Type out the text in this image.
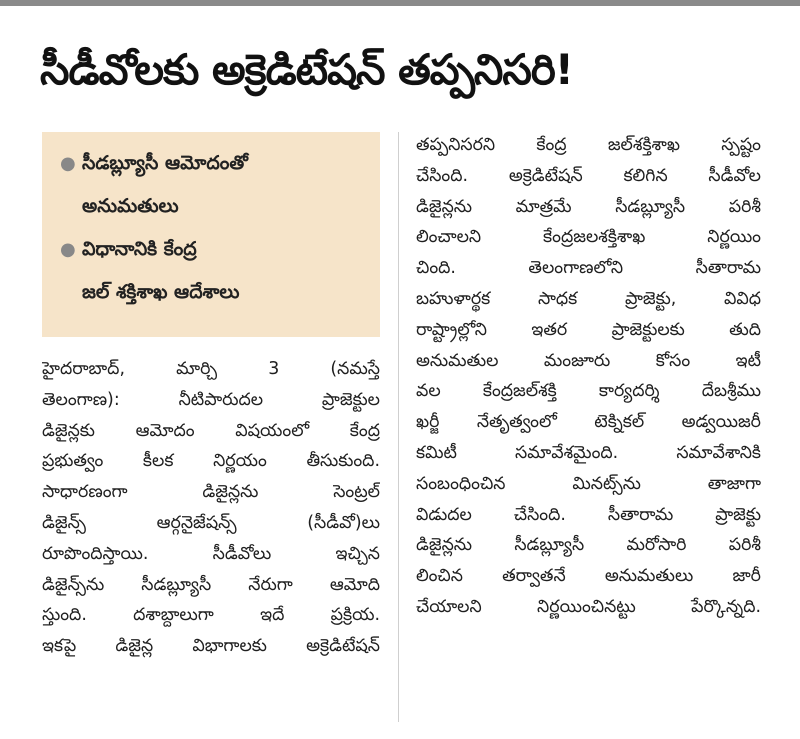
సీడీవోలకు అక్రెడిటేషన్ తప్పనిసరి!
● సీడబ్ల్యూసీ ఆమోదంతో
అనుమతులు
● విధానానికి కేంద్ర
జల్ శక్తిశాఖ ఆదేశాలు
హైదరాబాద్, మార్చి 3 (నమస్తే
తెలంగాణ): నీటిపారుదల ప్రాజెక్టుల
డిజైన్లకు ఆమోదం విషయంలో కేంద్ర
ప్రభుత్వం కీలక నిర్ణయం తీసుకుంది.
సాధారణంగా డిజైన్లను సెంట్రల్
డిజైన్స్ ఆర్గనైజేషన్స్ (సీడీవో)లు
రూపొందిస్తాయి. సీడీవోలు ఇచ్చిన
డిజైన్స్‌ను సీడబ్ల్యూసీ నేరుగా ఆమోది
స్తుంది. దశాబ్దాలుగా ఇదే ప్రక్రియ.
ఇకపై డిజైన్ల విభాగాలకు అక్రెడిటేషన్
తప్పనిసరని కేంద్ర జల్‌శక్తిశాఖ స్పష్టం
చేసింది. అక్రెడిటేషన్ కలిగిన సీడీవోల
డిజైన్లను మాత్రమే సీడబ్ల్యూసీ పరిశీ
లించాలని కేంద్రజలశక్తిశాఖ నిర్ణయిం
చింది. తెలంగాణలోని సీతారామ
బహుళార్థక సాధక ప్రాజెక్టు, వివిధ
రాష్ట్రాల్లోని ఇతర ప్రాజెక్టులకు తుది
అనుమతుల మంజూరు కోసం ఇటీ
వల కేంద్రజల్‌శక్తి కార్యదర్శి దేబశ్రీము
ఖర్జీ నేతృత్వంలో టెక్నికల్ అడ్వయిజరీ
కమిటీ సమావేశమైంది. సమావేశానికి
సంబంధించిన మినట్స్‌ను తాజాగా
విడుదల చేసింది. సీతారామ ప్రాజెక్టు
డిజైన్లను సీడబ్ల్యూసీ మరోసారి పరిశీ
లించిన తర్వాతనే అనుమతులు జారీ
చేయాలని నిర్ణయించినట్టు పేర్కొన్నది.
